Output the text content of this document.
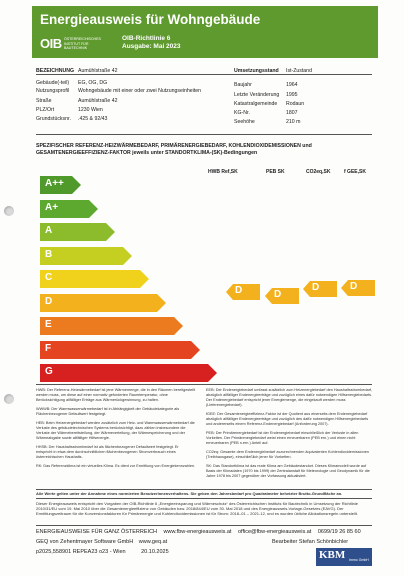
Energieausweis für Wohngebäude
OIB ÖSTERREICHISCHES INSTITUT FÜR BAUTECHNIK
OIB-Richtlinie 6
Ausgabe: Mai 2023
BEZEICHNUNG Aumühlstraße 42
Gebäude(-teil) EG, OG, DG
Nutzungsprofil Wohngebäude mit einer oder zwei Nutzungseinheiten
Straße	Aumühlstraße 42
PLZ/Ort	1230 Wien
Grundstücksnr. .425 & 92/43
Umsetzungsstand Ist-Zustand
Baujahr	1964
Letzte Veränderung 1995
Katastralgemeinde Rodaun
KG-Nr.	1807
Seehöhe	210 m
SPEZIFISCHER REFERENZ-HEIZWÄRMEBEDARF, PRIMÄRENERGIEBEDARF, KOHLENDIOXIDEMISSIONEN und GESAMTENERGIEEFFIZIENZ-FAKTOR jeweils unter STANDORTKLIMA-(SK)-Bedingungen
HWB Ref,SK	PEB SK	CO2eq,SK	f GEE,SK
A++
A+
A
B
C
D
E
F
G
D	D
D	D
HWB: Der Referenz-Heizwärmebedarf ist jene Wärmemenge, die in den Räumen bereitgestellt werden muss, um diese auf einer normativ geforderten Raumtemperatur, ohne Berücksichtigung allfälliger Erträge aus Wärmerückgewinnung, zu halten.
WWWB: Der Warmwasserwärmebedarf ist in Abhängigkeit der Gebäudekategorie als Flächenbezogener Defaultwert festgelegt.
HEB: Beim Heizenergiebedarf werden zusätzlich zum Heiz- und Warmwasserwärmebedarf die Verluste des gebäudetechnischen Systems berücksichtigt, dazu zählen insbesondere die Verluste der Wärmebereitstellung, der Wärmeverteilung, der Wärmespeicherung und der Wärmeabgabe sowie allfälliger Hilfsenergie.
HHSB: Der Haushaltsstrombedarf ist als flächenbezogener Defaultwert festgelegt. Er entspricht in etwa dem durchschnittlichen flächenbezogenen Stromverbrauch eines österreichischen Haushalts.
RK: Das Referenzklima ist ein virtuelles Klima. Es dient zur Ermittlung von Energiekennzahlen.
EEB: Der Endenergiebedarf umfasst zusätzlich zum Heizenergiebedarf den Haushaltsstrombedarf, abzüglich allfälliger Endenergieerträge und zuzüglich eines dafür notwendigen Hilfsenergiebedarfs. Der Endenergiebedarf entspricht jener Energiemenge, die eingekauft werden muss (Lieferenergiebedarf).
fGEE: Der Gesamtenergieeffizienz-Faktor ist der Quotient aus einerseits dem Endenergiebedarf abzüglich allfälliger Endenergieerträge und zuzüglich des dafür notwendigen Hilfsenergiebedarfs und andererseits einem Referenz-Endenergiebedarf (Anforderung 2007).
PEB: Der Primärenergiebedarf ist der Endenergiebedarf einschließlich der Verluste in allen Vorketten. Der Primärenergiebedarf weist einen erneuerbaren (PEB ern.) und einen nicht erneuerbaren (PEB n.ern.) Anteil auf.
CO2eq: Gesamte dem Endenergiebedarf zuzurechnenden äquivalenten Kohlendioxidemissionen (Treibhausgase), einschließlich jener für Vorketten.
SK: Das Standortklima ist das reale Klima am Gebäudestandort. Dieses Klimamodell wurde auf Basis der Klimadaten (1970 bis 1999) der Zentralanstalt für Meteorologie und Geodynamik für die Jahre 1978 bis 2007 gegenüber der Vorfassung aktualisiert.
Alle Werte gelten unter der Annahme eines normierten BenutzerInnenverhaltens. Sie geben den Jahresbedarf pro Quadratmeter beheizter Brutto-Grundfläche an.
Dieser Energieausweis entspricht den Vorgaben der OIB-Richtlinie 6 „Energieeinsparung und Wärmeschutz“ des Österreichischen Instituts für Bautechnik in Umsetzung der Richtlinie 2010/31/EU vom 19. Mai 2010 über die Gesamtenergieeffizienz von Gebäuden bzw. 2018/844/EU vom 30. Mai 2018 und des Energieausweis-Vorlage-Gesetzes (EAVG). Der Ermittlungszeitraum für die Konversionsfaktoren für Primärenergie und Kohlendioxidemissionen ist für Strom: 2018–01 – 2021-12, und es wurden übliche Allokationsregeln unterstellt.
ENERGIEAUSWEISE FÜR GANZ ÖSTERREICH www.fbw-energieausweis.at office@fbw-energieausweis.at 0699/19 26 85 60
GEQ von Zehentmayer Software GmbH www.geq.at	Bearbeiter Stefan Schönbichler
p2025,558901 REPEA23 o23 - Wien	20.10.2025	KBM Immo GmbH
